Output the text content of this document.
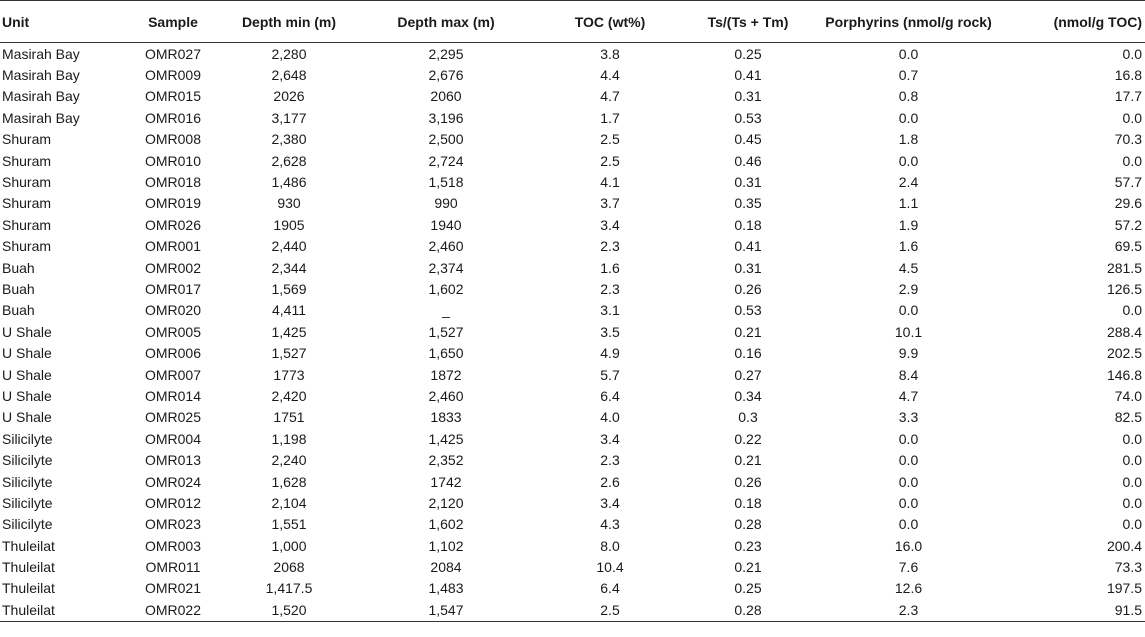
Unit	Sample	Depth min (m)	Depth max (m)	TOC (wt%)	Ts/(Ts + Tm)	Porphyrins (nmol/g rock)	(nmol/g TOC)
Masirah Bay	OMR027	2,280	2,295	3.8	0.25	0.0	0.0
Masirah Bay	OMR009	2,648	2,676	4.4	0.41	0.7	16.8
Masirah Bay	OMR015	2026	2060	4.7	0.31	0.8	17.7
Masirah Bay	OMR016	3,177	3,196	1.7	0.53	0.0	0.0
Shuram	OMR008	2,380	2,500	2.5	0.45	1.8	70.3
Shuram	OMR010	2,628	2,724	2.5	0.46	0.0	0.0
Shuram	OMR018	1,486	1,518	4.1	0.31	2.4	57.7
Shuram	OMR019	930	990	3.7	0.35	1.1	29.6
Shuram	OMR026	1905	1940	3.4	0.18	1.9	57.2
Shuram	OMR001	2,440	2,460	2.3	0.41	1.6	69.5
Buah	OMR002	2,344	2,374	1.6	0.31	4.5	281.5
Buah	OMR017	1,569	1,602	2.3	0.26	2.9	126.5
Buah	OMR020	4,411	_	3.1	0.53	0.0	0.0
U Shale	OMR005	1,425	1,527	3.5	0.21	10.1	288.4
U Shale	OMR006	1,527	1,650	4.9	0.16	9.9	202.5
U Shale	OMR007	1773	1872	5.7	0.27	8.4	146.8
U Shale	OMR014	2,420	2,460	6.4	0.34	4.7	74.0
U Shale	OMR025	1751	1833	4.0	0.3	3.3	82.5
Silicilyte	OMR004	1,198	1,425	3.4	0.22	0.0	0.0
Silicilyte	OMR013	2,240	2,352	2.3	0.21	0.0	0.0
Silicilyte	OMR024	1,628	1742	2.6	0.26	0.0	0.0
Silicilyte	OMR012	2,104	2,120	3.4	0.18	0.0	0.0
Silicilyte	OMR023	1,551	1,602	4.3	0.28	0.0	0.0
Thuleilat	OMR003	1,000	1,102	8.0	0.23	16.0	200.4
Thuleilat	OMR011	2068	2084	10.4	0.21	7.6	73.3
Thuleilat	OMR021	1,417.5	1,483	6.4	0.25	12.6	197.5
Thuleilat	OMR022	1,520	1,547	2.5	0.28	2.3	91.5
